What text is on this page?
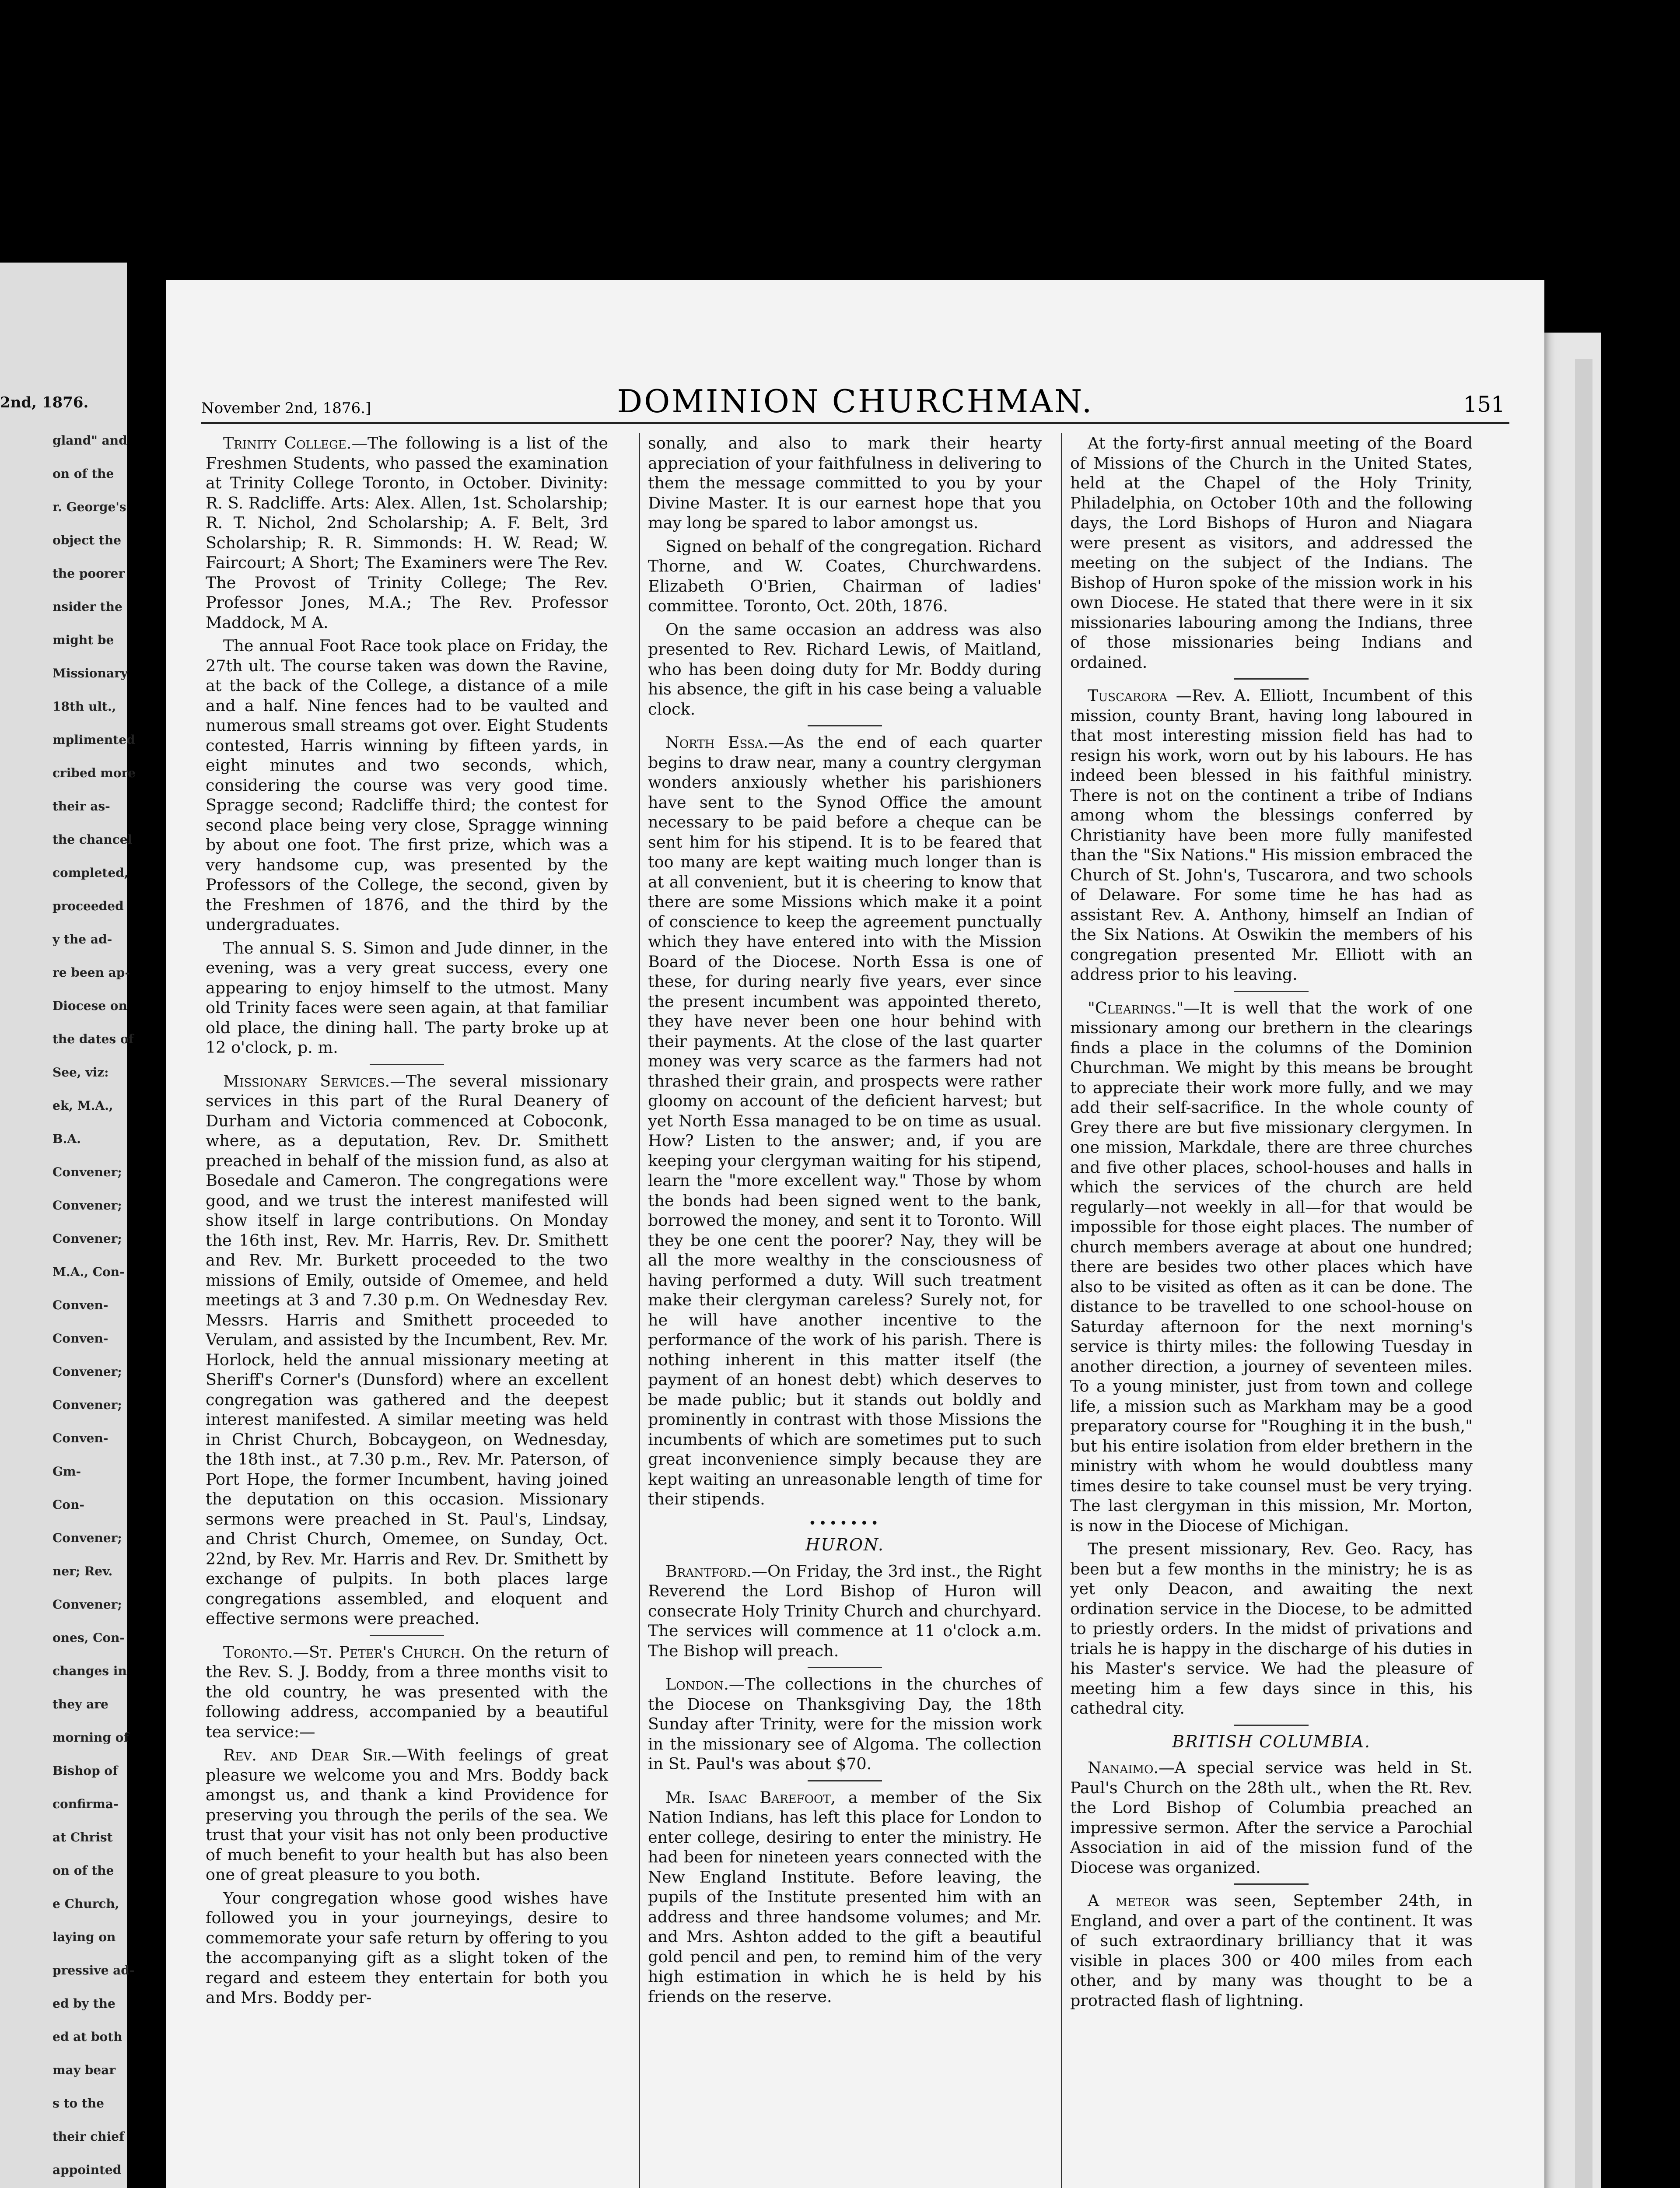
2nd, 1876.
gland" and
on of the
r. George's
object the
the poorer
nsider the
might be
Missionary
18th ult.,
mplimented
cribed more
their as-
the chancel
completed,
proceeded
y the ad-
re been ap-
Diocese on
the dates of
See, viz:
ek, M.A.,
B.A.
Convener;
Convener;
Convener;
M.A., Con-
Conven-
Conven-
Convener;
Convener;
Conven-
Gm-
Con-
Convener;
ner; Rev.
Convener;
ones, Con-
changes in
they are
morning of
Bishop of
confirma-
at Christ
on of the
e Church,
laying on
pressive ad-
ed by the
ed at both
may bear
s to the
their chief
appointed
November 2nd, 1876.]	DOMINION CHURCHMAN.	151

Trinity College.—The following is a list of the Freshmen Students, who passed the examination at Trinity College Toronto, in October. Divinity: R. S. Radcliffe. Arts: Alex. Allen, 1st. Scholarship; R. T. Nichol, 2nd Scholarship; A. F. Belt, 3rd Scholarship; R. R. Simmonds: H. W. Read; W. Faircourt; A Short; The Examiners were The Rev. The Provost of Trinity College; The Rev. Professor Jones, M.A.; The Rev. Professor Maddock, M A.

The annual Foot Race took place on Friday, the 27th ult. The course taken was down the Ravine, at the back of the College, a distance of a mile and a half. Nine fences had to be vaulted and numerous small streams got over. Eight Students contested, Harris winning by fifteen yards, in eight minutes and two seconds, which, considering the course was very good time. Spragge second; Radcliffe third; the contest for second place being very close, Spragge winning by about one foot. The first prize, which was a very handsome cup, was presented by the Professors of the College, the second, given by the Freshmen of 1876, and the third by the undergraduates.

The annual S. S. Simon and Jude dinner, in the evening, was a very great success, every one appearing to enjoy himself to the utmost. Many old Trinity faces were seen again, at that familiar old place, the dining hall. The party broke up at 12 o'clock, p. m.

Missionary Services.—The several missionary services in this part of the Rural Deanery of Durham and Victoria commenced at Coboconk, where, as a deputation, Rev. Dr. Smithett preached in behalf of the mission fund, as also at Bosedale and Cameron. The congregations were good, and we trust the interest manifested will show itself in large contributions. On Monday the 16th inst, Rev. Mr. Harris, Rev. Dr. Smithett and Rev. Mr. Burkett proceeded to the two missions of Emily, outside of Omemee, and held meetings at 3 and 7.30 p.m. On Wednesday Rev. Messrs. Harris and Smithett proceeded to Verulam, and assisted by the Incumbent, Rev. Mr. Horlock, held the annual missionary meeting at Sheriff's Corner's (Dunsford) where an excellent congregation was gathered and the deepest interest manifested. A similar meeting was held in Christ Church, Bobcaygeon, on Wednesday, the 18th inst., at 7.30 p.m., Rev. Mr. Paterson, of Port Hope, the former Incumbent, having joined the deputation on this occasion. Missionary sermons were preached in St. Paul's, Lindsay, and Christ Church, Omemee, on Sunday, Oct. 22nd, by Rev. Mr. Harris and Rev. Dr. Smithett by exchange of pulpits. In both places large congregations assembled, and eloquent and effective sermons were preached.

Toronto.—St. Peter's Church. On the return of the Rev. S. J. Boddy, from a three months visit to the old country, he was presented with the following address, accompanied by a beautiful tea service:—

Rev. and Dear Sir.—With feelings of great pleasure we welcome you and Mrs. Boddy back amongst us, and thank a kind Providence for preserving you through the perils of the sea. We trust that your visit has not only been productive of much benefit to your health but has also been one of great pleasure to you both.

Your congregation whose good wishes have followed you in your journeyings, desire to commemorate your safe return by offering to you the accompanying gift as a slight token of the regard and esteem they entertain for both you and Mrs. Boddy per-

sonally, and also to mark their hearty appreciation of your faithfulness in delivering to them the message committed to you by your Divine Master. It is our earnest hope that you may long be spared to labor amongst us.

Signed on behalf of the congregation. Richard Thorne, and W. Coates, Churchwardens. Elizabeth O'Brien, Chairman of ladies' committee. Toronto, Oct. 20th, 1876.

On the same occasion an address was also presented to Rev. Richard Lewis, of Maitland, who has been doing duty for Mr. Boddy during his absence, the gift in his case being a valuable clock.

North Essa.—As the end of each quarter begins to draw near, many a country clergyman wonders anxiously whether his parishioners have sent to the Synod Office the amount necessary to be paid before a cheque can be sent him for his stipend. It is to be feared that too many are kept waiting much longer than is at all convenient, but it is cheering to know that there are some Missions which make it a point of conscience to keep the agreement punctually which they have entered into with the Mission Board of the Diocese. North Essa is one of these, for during nearly five years, ever since the present incumbent was appointed thereto, they have never been one hour behind with their payments. At the close of the last quarter money was very scarce as the farmers had not thrashed their grain, and prospects were rather gloomy on account of the deficient harvest; but yet North Essa managed to be on time as usual. How? Listen to the answer; and, if you are keeping your clergyman waiting for his stipend, learn the "more excellent way." Those by whom the bonds had been signed went to the bank, borrowed the money, and sent it to Toronto. Will they be one cent the poorer? Nay, they will be all the more wealthy in the consciousness of having performed a duty. Will such treatment make their clergyman careless? Surely not, for he will have another incentive to the performance of the work of his parish. There is nothing inherent in this matter itself (the payment of an honest debt) which deserves to be made public; but it stands out boldly and prominently in contrast with those Missions the incumbents of which are sometimes put to such great inconvenience simply because they are kept waiting an unreasonable length of time for their stipends.

•••••••
HURON.

Brantford.—On Friday, the 3rd inst., the Right Reverend the Lord Bishop of Huron will consecrate Holy Trinity Church and churchyard. The services will commence at 11 o'clock a.m. The Bishop will preach.

London.—The collections in the churches of the Diocese on Thanksgiving Day, the 18th Sunday after Trinity, were for the mission work in the missionary see of Algoma. The collection in St. Paul's was about $70.

Mr. Isaac Barefoot, a member of the Six Nation Indians, has left this place for London to enter college, desiring to enter the ministry. He had been for nineteen years connected with the New England Institute. Before leaving, the pupils of the Institute presented him with an address and three handsome volumes; and Mr. and Mrs. Ashton added to the gift a beautiful gold pencil and pen, to remind him of the very high estimation in which he is held by his friends on the reserve.

At the forty-first annual meeting of the Board of Missions of the Church in the United States, held at the Chapel of the Holy Trinity, Philadelphia, on October 10th and the following days, the Lord Bishops of Huron and Niagara were present as visitors, and addressed the meeting on the subject of the Indians. The Bishop of Huron spoke of the mission work in his own Diocese. He stated that there were in it six missionaries labouring among the Indians, three of those missionaries being Indians and ordained.

Tuscarora —Rev. A. Elliott, Incumbent of this mission, county Brant, having long laboured in that most interesting mission field has had to resign his work, worn out by his labours. He has indeed been blessed in his faithful ministry. There is not on the continent a tribe of Indians among whom the blessings conferred by Christianity have been more fully manifested than the "Six Nations." His mission embraced the Church of St. John's, Tuscarora, and two schools of Delaware. For some time he has had as assistant Rev. A. Anthony, himself an Indian of the Six Nations. At Oswikin the members of his congregation presented Mr. Elliott with an address prior to his leaving.

"Clearings."—It is well that the work of one missionary among our brethern in the clearings finds a place in the columns of the Dominion Churchman. We might by this means be brought to appreciate their work more fully, and we may add their self-sacrifice. In the whole county of Grey there are but five missionary clergymen. In one mission, Markdale, there are three churches and five other places, school-houses and halls in which the services of the church are held regularly—not weekly in all—for that would be impossible for those eight places. The number of church members average at about one hundred; there are besides two other places which have also to be visited as often as it can be done. The distance to be travelled to one school-house on Saturday afternoon for the next morning's service is thirty miles: the following Tuesday in another direction, a journey of seventeen miles. To a young minister, just from town and college life, a mission such as Markham may be a good preparatory course for "Roughing it in the bush," but his entire isolation from elder brethern in the ministry with whom he would doubtless many times desire to take counsel must be very trying. The last clergyman in this mission, Mr. Morton, is now in the Diocese of Michigan.

The present missionary, Rev. Geo. Racy, has been but a few months in the ministry; he is as yet only Deacon, and awaiting the next ordination service in the Diocese, to be admitted to priestly orders. In the midst of privations and trials he is happy in the discharge of his duties in his Master's service. We had the pleasure of meeting him a few days since in this, his cathedral city.

BRITISH COLUMBIA.

Nanaimo.—A special service was held in St. Paul's Church on the 28th ult., when the Rt. Rev. the Lord Bishop of Columbia preached an impressive sermon. After the service a Parochial Association in aid of the mission fund of the Diocese was organized.

A meteor was seen, September 24th, in England, and over a part of the continent. It was of such extraordinary brilliancy that it was visible in places 300 or 400 miles from each other, and by many was thought to be a protracted flash of lightning.
